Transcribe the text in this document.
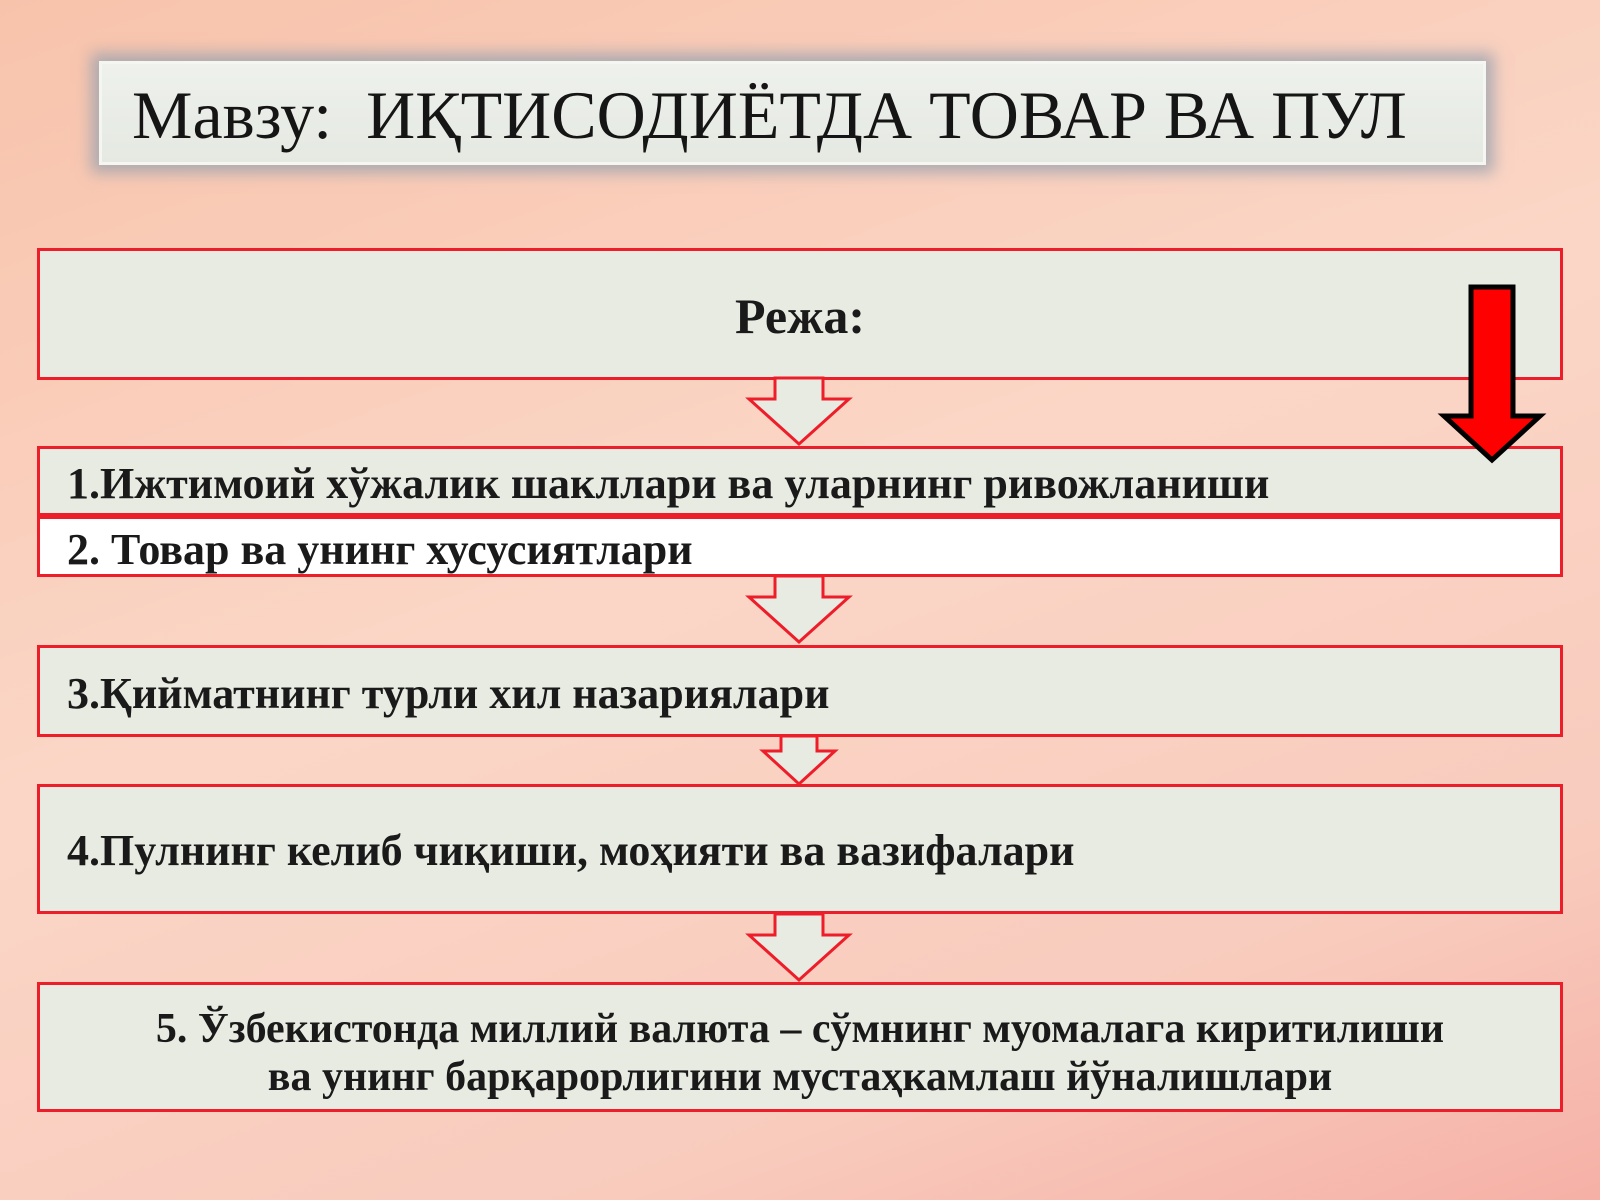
Мавзу:  ИҚТИСОДИЁТДА ТОВАР ВА ПУЛ
Режа:
1.Ижтимоий хўжалик шакллари ва уларнинг ривожланиши
2. Товар ва унинг хусусиятлари
3.Қийматнинг турли хил назариялари
4.Пулнинг келиб чиқиши, моҳияти ва вазифалари
5. Ўзбекистонда миллий валюта – сўмнинг муомалага киритилиши
ва унинг барқарорлигини мустаҳкамлаш йўналишлари
